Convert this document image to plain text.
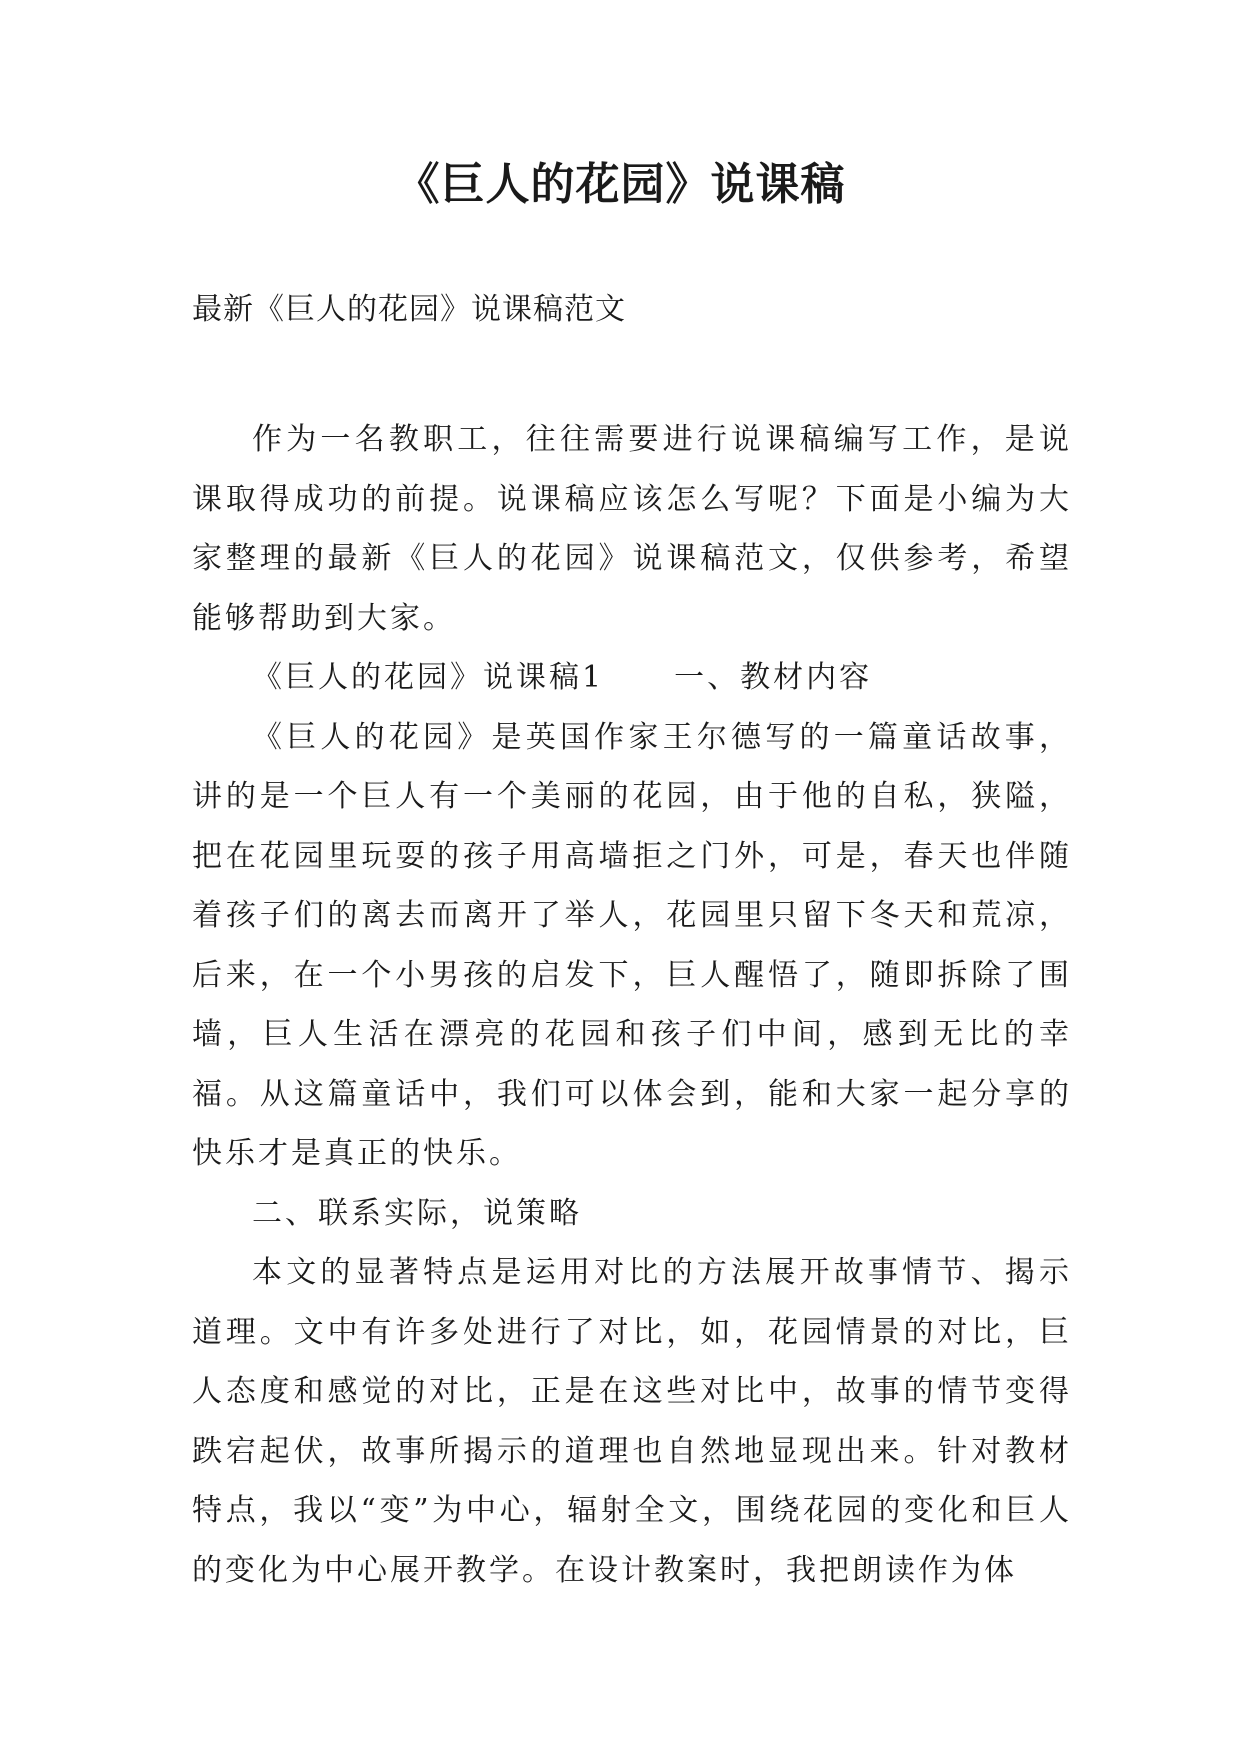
《巨人的花园》说课稿
最新《巨人的花园》说课稿范文

作为一名教职工，往往需要进行说课稿编写工作，是说课取得成功的前提。说课稿应该怎么写呢？下面是小编为大家整理的最新《巨人的花园》说课稿范文，仅供参考，希望能够帮助到大家。

《巨人的花园》说课稿1 一、教材内容

《巨人的花园》是英国作家王尔德写的一篇童话故事，讲的是一个巨人有一个美丽的花园，由于他的自私，狭隘，把在花园里玩耍的孩子用高墙拒之门外，可是，春天也伴随着孩子们的离去而离开了举人，花园里只留下冬天和荒凉，后来，在一个小男孩的启发下，巨人醒悟了，随即拆除了围墙，巨人生活在漂亮的花园和孩子们中间，感到无比的幸福。从这篇童话中，我们可以体会到，能和大家一起分享的快乐才是真正的快乐。

二、联系实际，说策略

本文的显著特点是运用对比的方法展开故事情节、揭示道理。文中有许多处进行了对比，如，花园情景的对比，巨人态度和感觉的对比，正是在这些对比中，故事的情节变得跌宕起伏，故事所揭示的道理也自然地显现出来。针对教材特点，我以“变”为中心，辐射全文，围绕花园的变化和巨人的变化为中心展开教学。在设计教案时，我把朗读作为体
